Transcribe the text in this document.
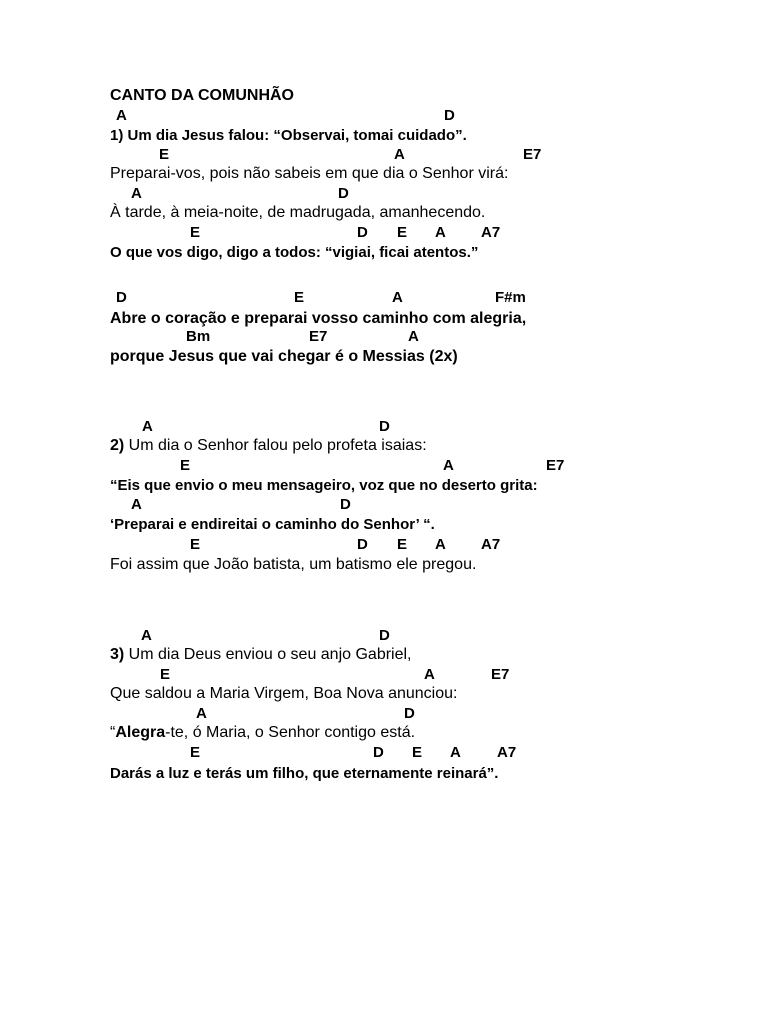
CANTO DA COMUNHÃO
A	D
1) Um dia Jesus falou: “Observai, tomai cuidado”.
E	A	E7
Preparai-vos, pois não sabeis em que dia o Senhor virá:
A	D
À tarde, à meia-noite, de madrugada, amanhecendo.
E	D E A A7
O que vos digo, digo a todos: “vigiai, ficai atentos.”
D	E	A	F#m
Abre o coração e preparai vosso caminho com alegria,
Bm	E7	A
porque Jesus que vai chegar é o Messias (2x)
A	D
2) Um dia o Senhor falou pelo profeta isaias:
E	A	E7
“Eis que envio o meu mensageiro, voz que no deserto grita:
A	D
‘Preparai e endireitai o caminho do Senhor’ “.
E	D E A A7
Foi assim que João batista, um batismo ele pregou.
A	D
3) Um dia Deus enviou o seu anjo Gabriel,
E	A	E7
Que saldou a Maria Virgem, Boa Nova anunciou:
A	D
“Alegra-te, ó Maria, o Senhor contigo está.
E	D E A A7
Darás a luz e terás um filho, que eternamente reinará”.
